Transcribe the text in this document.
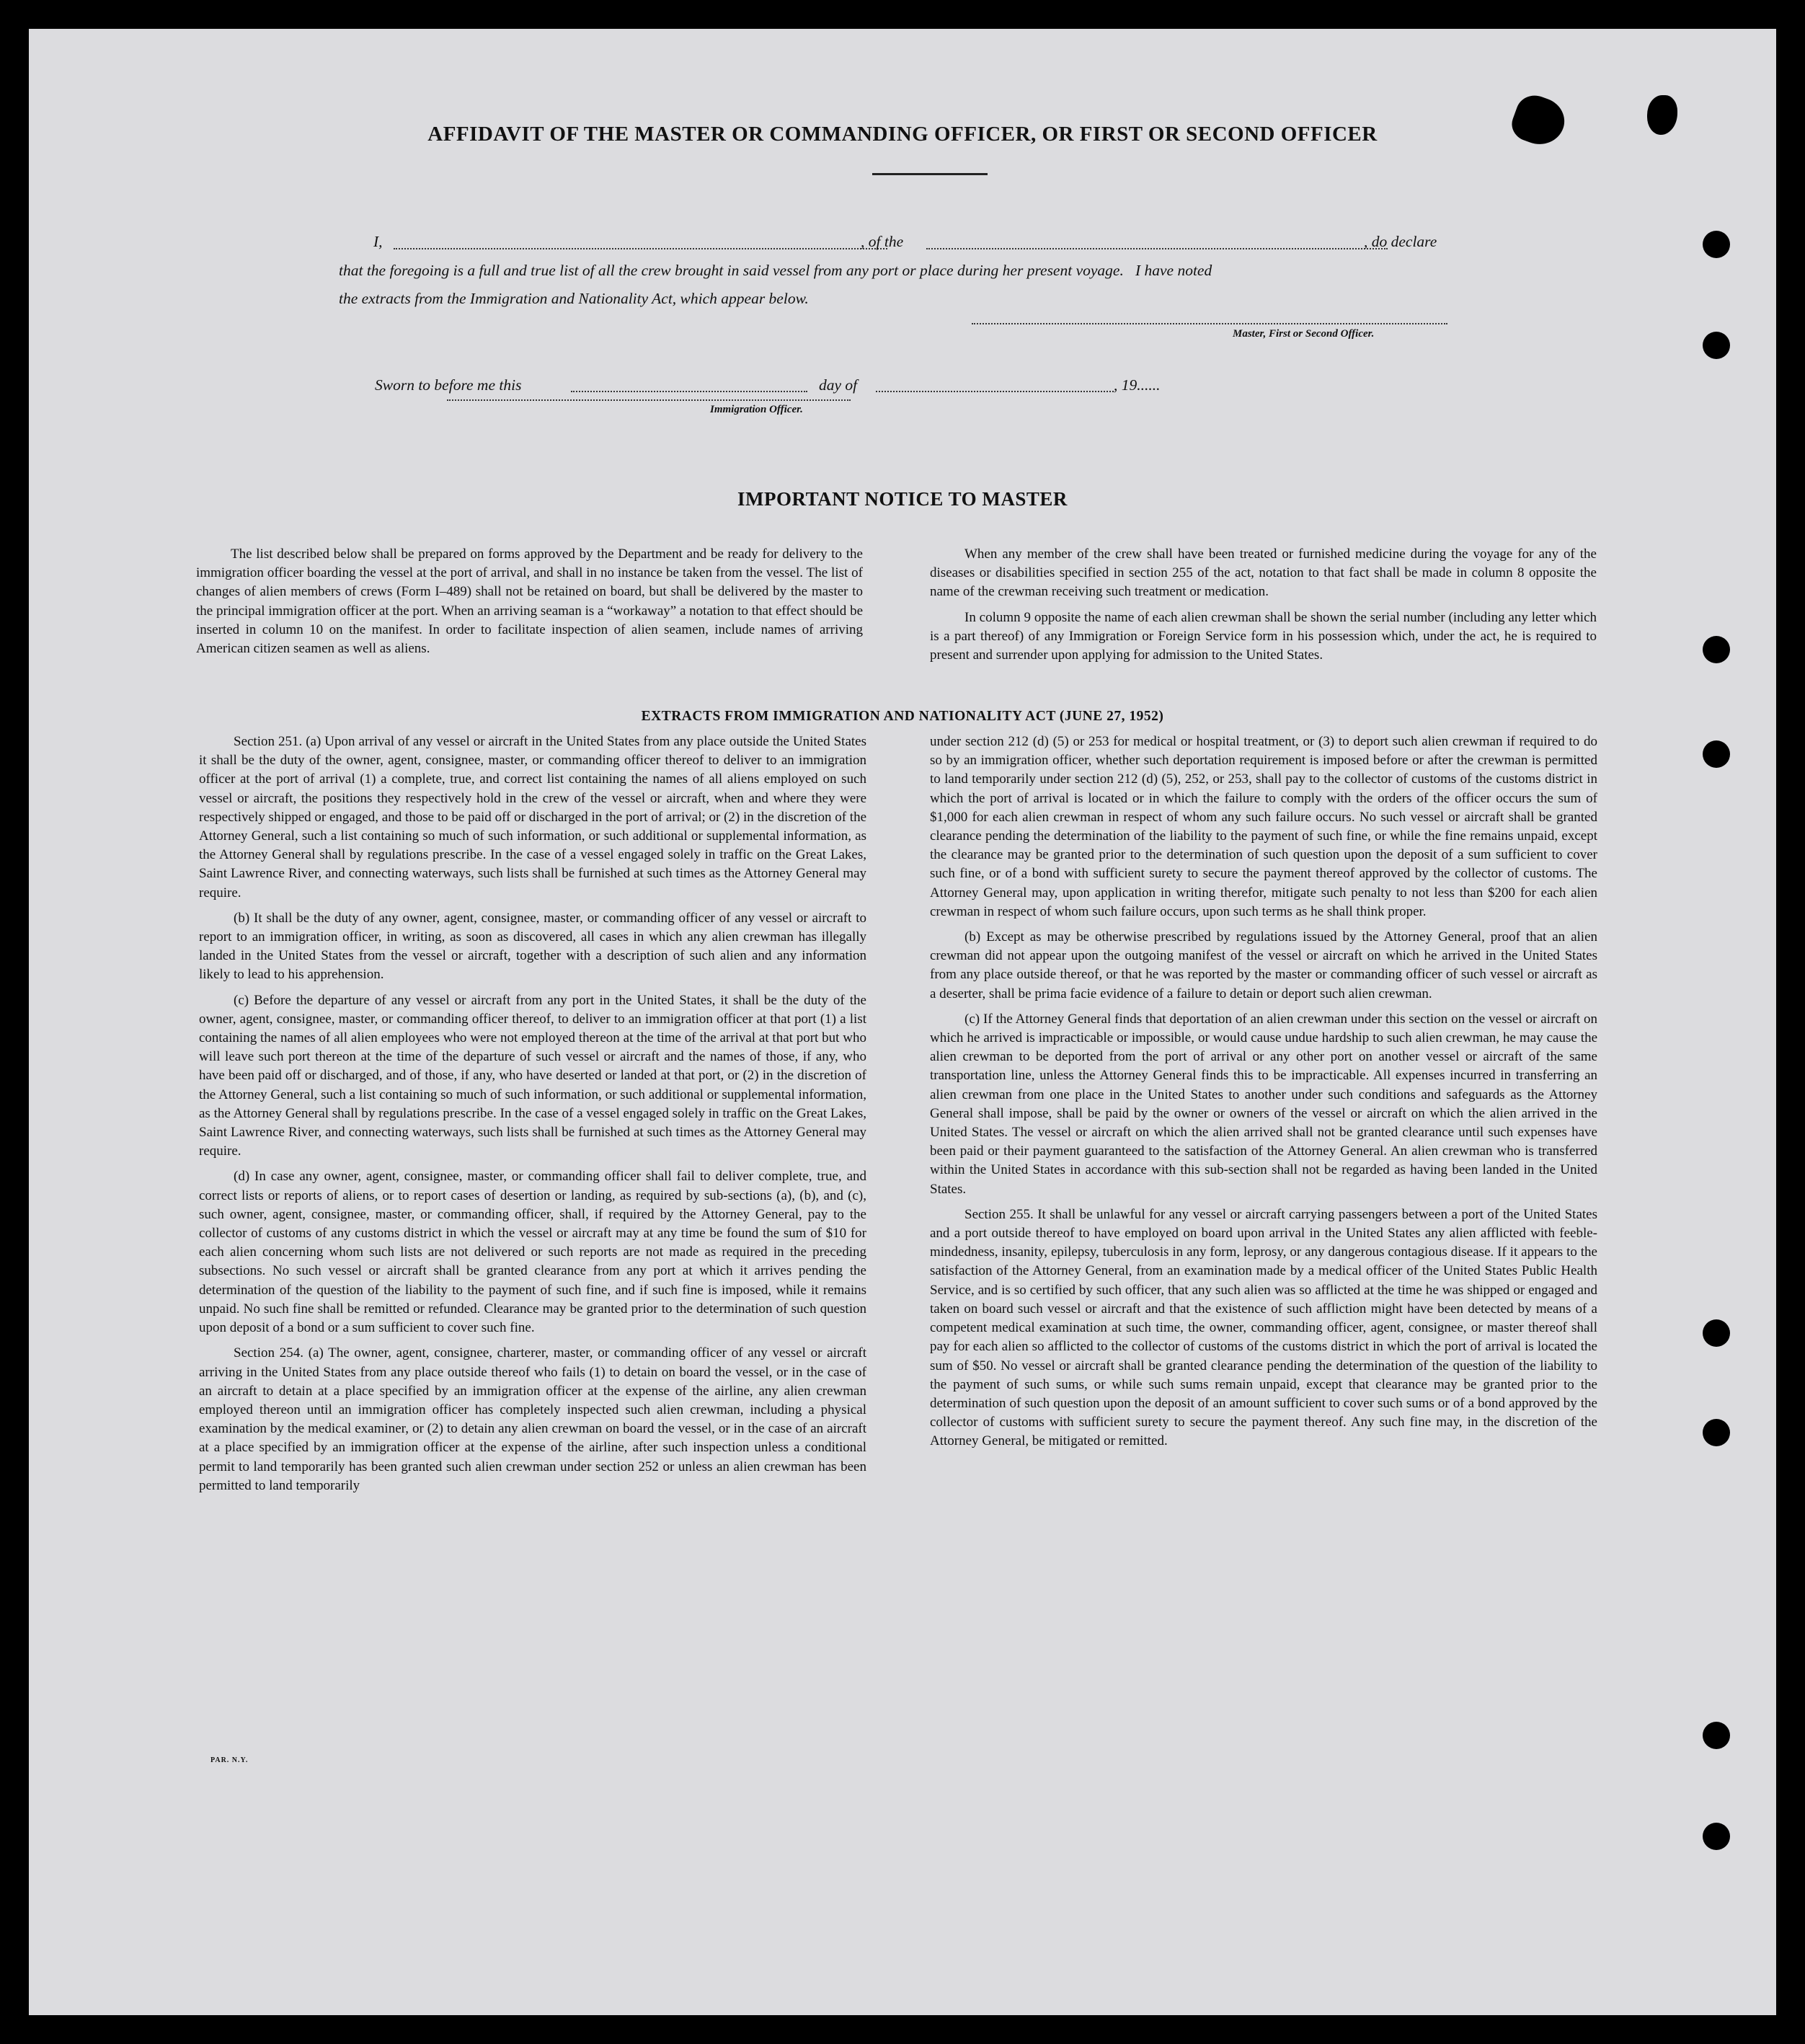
AFFIDAVIT OF THE MASTER OR COMMANDING OFFICER, OR FIRST OR SECOND OFFICER
I,	, of the	, do declare
that the foregoing is a full and true list of all the crew brought in said vessel from any port or place during her present voyage.   I have noted
the extracts from the Immigration and Nationality Act, which appear below.
Master, First or Second Officer.
Sworn to before me this	day of	, 19......
Immigration Officer.
IMPORTANT NOTICE TO MASTER

The list described below shall be prepared on forms approved by the Department and be ready for delivery to the immigration officer boarding the vessel at the port of arrival, and shall in no instance be taken from the vessel. The list of changes of alien members of crews (Form I–489) shall not be retained on board, but shall be delivered by the master to the principal immigration officer at the port. When an arriving seaman is a “workaway” a notation to that effect should be inserted in column 10 on the manifest. In order to facilitate inspection of alien seamen, include names of arriving American citizen seamen as well as aliens.

When any member of the crew shall have been treated or furnished medicine during the voyage for any of the diseases or disabilities specified in section 255 of the act, notation to that fact shall be made in column 8 opposite the name of the crewman receiving such treatment or medication.

In column 9 opposite the name of each alien crewman shall be shown the serial number (including any letter which is a part thereof) of any Immigration or Foreign Service form in his possession which, under the act, he is required to present and surrender upon applying for admission to the United States.

EXTRACTS FROM IMMIGRATION AND NATIONALITY ACT (JUNE 27, 1952)

Section 251. (a) Upon arrival of any vessel or aircraft in the United States from any place outside the United States it shall be the duty of the owner, agent, consignee, master, or commanding officer thereof to deliver to an immigration officer at the port of arrival (1) a complete, true, and correct list containing the names of all aliens employed on such vessel or aircraft, the positions they respectively hold in the crew of the vessel or aircraft, when and where they were respectively shipped or engaged, and those to be paid off or discharged in the port of arrival; or (2) in the discretion of the Attorney General, such a list containing so much of such information, or such additional or supplemental information, as the Attorney General shall by regulations prescribe. In the case of a vessel engaged solely in traffic on the Great Lakes, Saint Lawrence River, and connecting waterways, such lists shall be furnished at such times as the Attorney General may require.

(b) It shall be the duty of any owner, agent, consignee, master, or commanding officer of any vessel or aircraft to report to an immigration officer, in writing, as soon as discovered, all cases in which any alien crewman has illegally landed in the United States from the vessel or aircraft, together with a description of such alien and any information likely to lead to his apprehension.

(c) Before the departure of any vessel or aircraft from any port in the United States, it shall be the duty of the owner, agent, consignee, master, or commanding officer thereof, to deliver to an immigration officer at that port (1) a list containing the names of all alien employees who were not employed thereon at the time of the arrival at that port but who will leave such port thereon at the time of the departure of such vessel or aircraft and the names of those, if any, who have been paid off or discharged, and of those, if any, who have deserted or landed at that port, or (2) in the discretion of the Attorney General, such a list containing so much of such information, or such additional or supplemental information, as the Attorney General shall by regulations prescribe. In the case of a vessel engaged solely in traffic on the Great Lakes, Saint Lawrence River, and connecting waterways, such lists shall be furnished at such times as the Attorney General may require.

(d) In case any owner, agent, consignee, master, or commanding officer shall fail to deliver complete, true, and correct lists or reports of aliens, or to report cases of desertion or landing, as required by sub-sections (a), (b), and (c), such owner, agent, consignee, master, or commanding officer, shall, if required by the Attorney General, pay to the collector of customs of any customs district in which the vessel or aircraft may at any time be found the sum of $10 for each alien concerning whom such lists are not delivered or such reports are not made as required in the preceding subsections. No such vessel or aircraft shall be granted clearance from any port at which it arrives pending the determination of the question of the liability to the payment of such fine, and if such fine is imposed, while it remains unpaid. No such fine shall be remitted or refunded. Clearance may be granted prior to the determination of such question upon deposit of a bond or a sum sufficient to cover such fine.

Section 254. (a) The owner, agent, consignee, charterer, master, or commanding officer of any vessel or aircraft arriving in the United States from any place outside thereof who fails (1) to detain on board the vessel, or in the case of an aircraft to detain at a place specified by an immigration officer at the expense of the airline, any alien crewman employed thereon until an immigration officer has completely inspected such alien crewman, including a physical examination by the medical examiner, or (2) to detain any alien crewman on board the vessel, or in the case of an aircraft at a place specified by an immigration officer at the expense of the airline, after such inspection unless a conditional permit to land temporarily has been granted such alien crewman under section 252 or unless an alien crewman has been permitted to land temporarily

under section 212 (d) (5) or 253 for medical or hospital treatment, or (3) to deport such alien crewman if required to do so by an immigration officer, whether such deportation requirement is imposed before or after the crewman is permitted to land temporarily under section 212 (d) (5), 252, or 253, shall pay to the collector of customs of the customs district in which the port of arrival is located or in which the failure to comply with the orders of the officer occurs the sum of $1,000 for each alien crewman in respect of whom any such failure occurs. No such vessel or aircraft shall be granted clearance pending the determination of the liability to the payment of such fine, or while the fine remains unpaid, except the clearance may be granted prior to the determination of such question upon the deposit of a sum sufficient to cover such fine, or of a bond with sufficient surety to secure the payment thereof approved by the collector of customs. The Attorney General may, upon application in writing therefor, mitigate such penalty to not less than $200 for each alien crewman in respect of whom such failure occurs, upon such terms as he shall think proper.

(b) Except as may be otherwise prescribed by regulations issued by the Attorney General, proof that an alien crewman did not appear upon the outgoing manifest of the vessel or aircraft on which he arrived in the United States from any place outside thereof, or that he was reported by the master or commanding officer of such vessel or aircraft as a deserter, shall be prima facie evidence of a failure to detain or deport such alien crewman.

(c) If the Attorney General finds that deportation of an alien crewman under this section on the vessel or aircraft on which he arrived is impracticable or impossible, or would cause undue hardship to such alien crewman, he may cause the alien crewman to be deported from the port of arrival or any other port on another vessel or aircraft of the same transportation line, unless the Attorney General finds this to be impracticable. All expenses incurred in transferring an alien crewman from one place in the United States to another under such conditions and safeguards as the Attorney General shall impose, shall be paid by the owner or owners of the vessel or aircraft on which the alien arrived in the United States. The vessel or aircraft on which the alien arrived shall not be granted clearance until such expenses have been paid or their payment guaranteed to the satisfaction of the Attorney General. An alien crewman who is transferred within the United States in accordance with this sub-section shall not be regarded as having been landed in the United States.

Section 255. It shall be unlawful for any vessel or aircraft carrying passengers between a port of the United States and a port outside thereof to have employed on board upon arrival in the United States any alien afflicted with feeble-mindedness, insanity, epilepsy, tuberculosis in any form, leprosy, or any dangerous contagious disease. If it appears to the satisfaction of the Attorney General, from an examination made by a medical officer of the United States Public Health Service, and is so certified by such officer, that any such alien was so afflicted at the time he was shipped or engaged and taken on board such vessel or aircraft and that the existence of such affliction might have been detected by means of a competent medical examination at such time, the owner, commanding officer, agent, consignee, or master thereof shall pay for each alien so afflicted to the collector of customs of the customs district in which the port of arrival is located the sum of $50. No vessel or aircraft shall be granted clearance pending the determination of the question of the liability to the payment of such sums, or while such sums remain unpaid, except that clearance may be granted prior to the determination of such question upon the deposit of an amount sufficient to cover such sums or of a bond approved by the collector of customs with sufficient surety to secure the payment thereof. Any such fine may, in the discretion of the Attorney General, be mitigated or remitted.

PAR. N.Y.
